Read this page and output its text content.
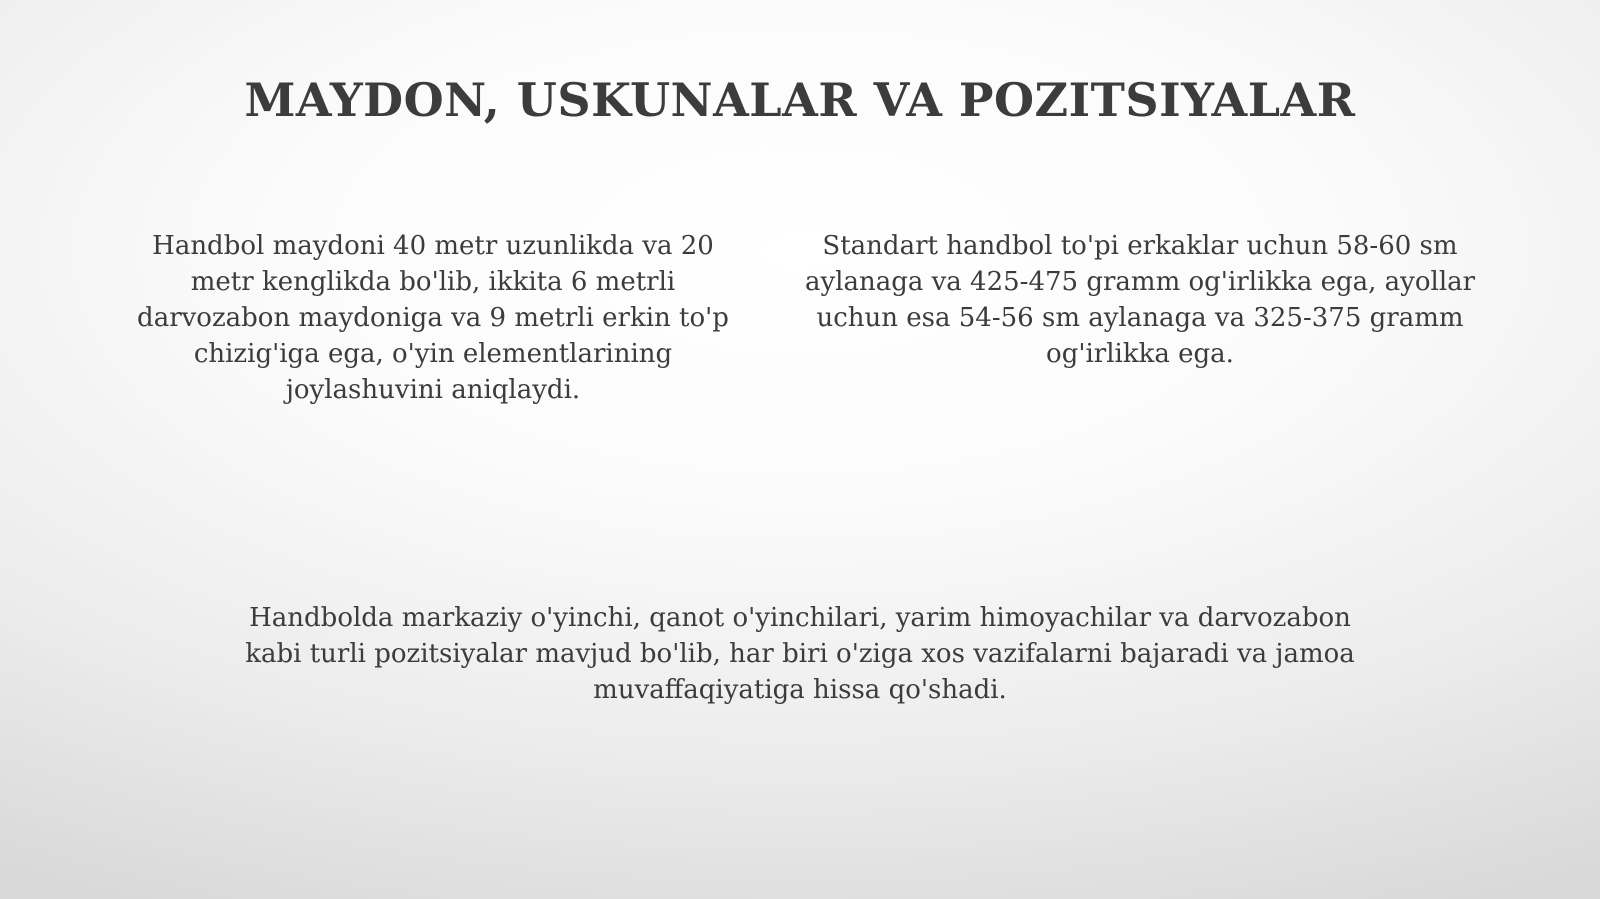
MAYDON, USKUNALAR VA POZITSIYALAR

Handbol maydoni 40 metr uzunlikda va 20 metr kenglikda bo'lib, ikkita 6 metrli darvozabon maydoniga va 9 metrli erkin to'p chizig'iga ega, o'yin elementlarining joylashuvini aniqlaydi.

Standart handbol to'pi erkaklar uchun 58-60 sm aylanaga va 425-475 gramm og'irlikka ega, ayollar uchun esa 54-56 sm aylanaga va 325-375 gramm og'irlikka ega.

Handbolda markaziy o'yinchi, qanot o'yinchilari, yarim himoyachilar va darvozabon kabi turli pozitsiyalar mavjud bo'lib, har biri o'ziga xos vazifalarni bajaradi va jamoa muvaffaqiyatiga hissa qo'shadi.
